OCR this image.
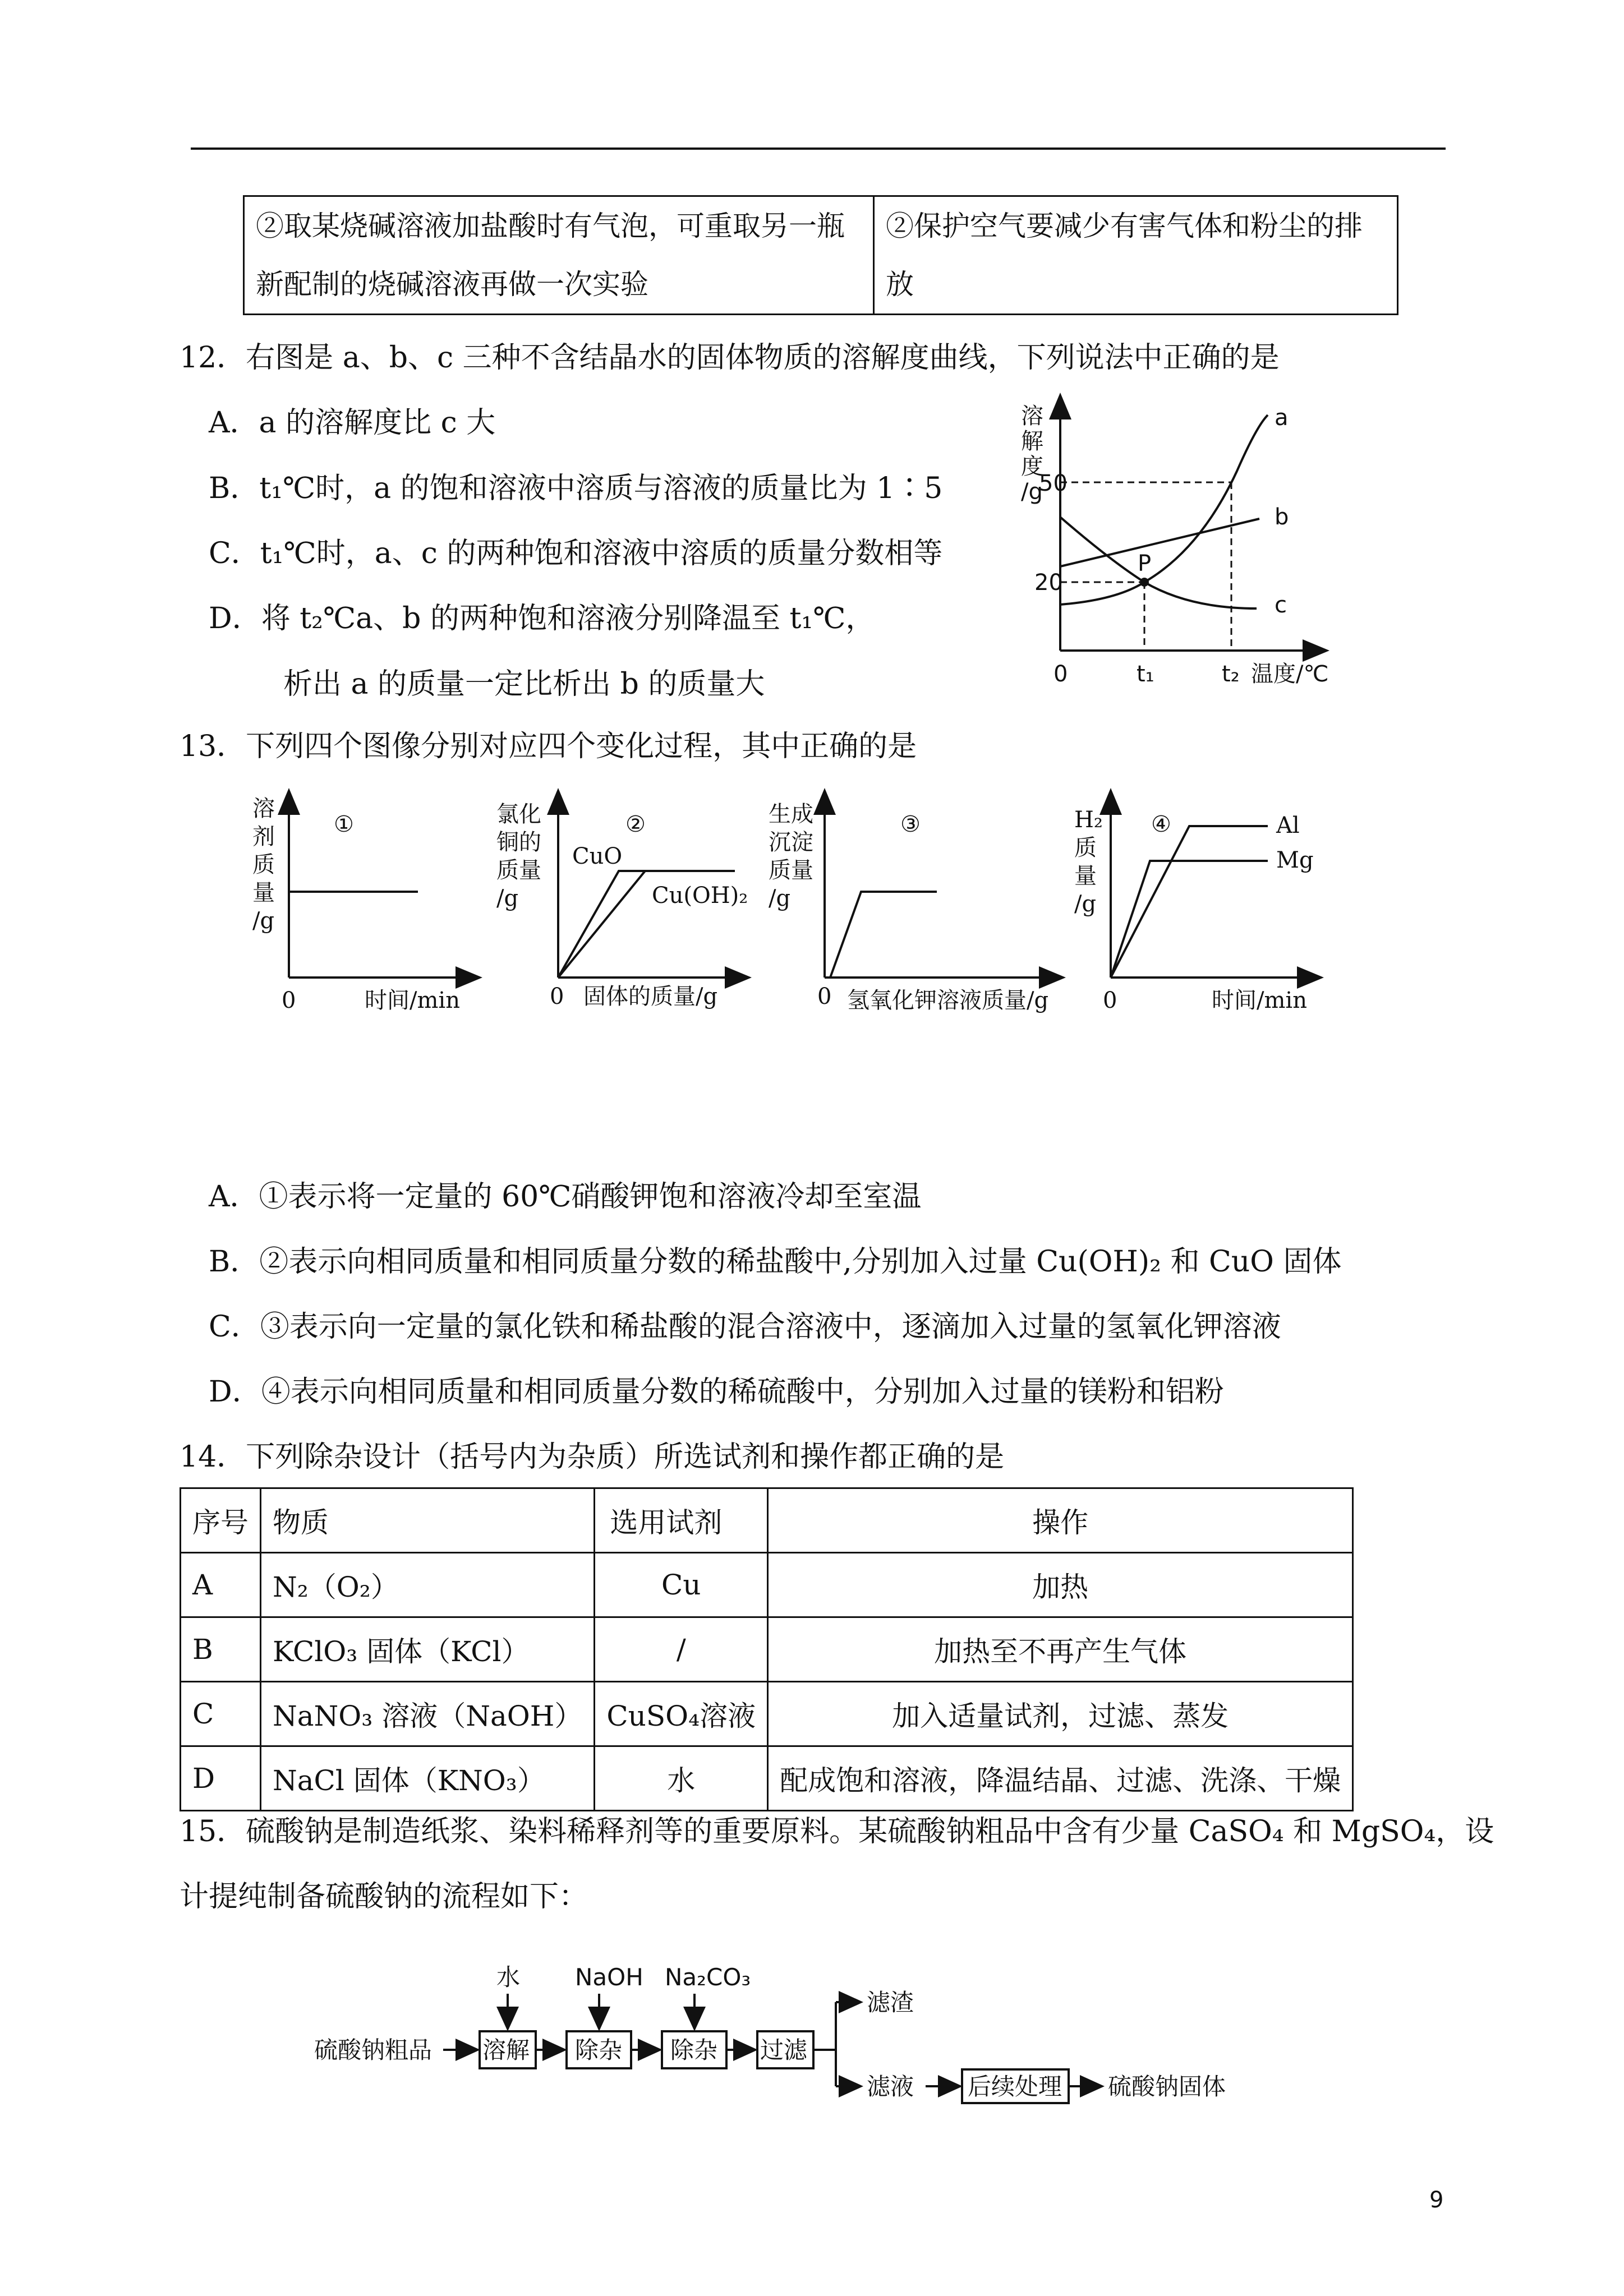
②取某烧碱溶液加盐酸时有气泡，可重取另一瓶新配制的烧碱溶液再做一次实验	②保护空气要减少有害气体和粉尘的排放
12．右图是 a、b、c 三种不含结晶水的固体物质的溶解度曲线，下列说法中正确的是
A．a 的溶解度比 c 大
B．t₁℃时，a 的饱和溶液中溶质与溶液的质量比为 1∶5
C．t₁℃时，a、c 的两种饱和溶液中溶质的质量分数相等
D．将 t₂℃a、b 的两种饱和溶液分别降温至 t₁℃，
析出 a 的质量一定比析出 b 的质量大
溶
解
度
/g
50
20
0	t₁	t₂ 温度/℃
P
a
b
c
13．下列四个图像分别对应四个变化过程，其中正确的是
溶
剂
质
量
/g
①
0	时间/min
氯化
铜的
质量
/g
②
CuO
Cu(OH)₂
0 固体的质量/g
生成
沉淀
质量
/g
③
0 氢氧化钾溶液质量/g
H₂
质
量
/g
④	Al
Mg
0	时间/min
A．①表示将一定量的 60℃硝酸钾饱和溶液冷却至室温
B．②表示向相同质量和相同质量分数的稀盐酸中,分别加入过量 Cu(OH)₂ 和 CuO 固体
C．③表示向一定量的氯化铁和稀盐酸的混合溶液中，逐滴加入过量的氢氧化钾溶液
D．④表示向相同质量和相同质量分数的稀硫酸中，分别加入过量的镁粉和铝粉
14．下列除杂设计（括号内为杂质）所选试剂和操作都正确的是
序号	物质	选用试剂	操作
A	N₂（O₂）	Cu	加热
B	KClO₃ 固体（KCl）	/	加热至不再产生气体
C	NaNO₃ 溶液（NaOH）	CuSO₄溶液	加入适量试剂，过滤、蒸发
D	NaCl 固体（KNO₃）	水	配成饱和溶液，降温结晶、过滤、洗涤、干燥
15．硫酸钠是制造纸浆、染料稀释剂等的重要原料。某硫酸钠粗品中含有少量 CaSO₄ 和 MgSO₄，设
计提纯制备硫酸钠的流程如下：
硫酸钠粗品 溶解 除杂 除杂 过滤
水 NaOH Na₂CO₃
滤渣
滤液 后续处理 硫酸钠固体
9
